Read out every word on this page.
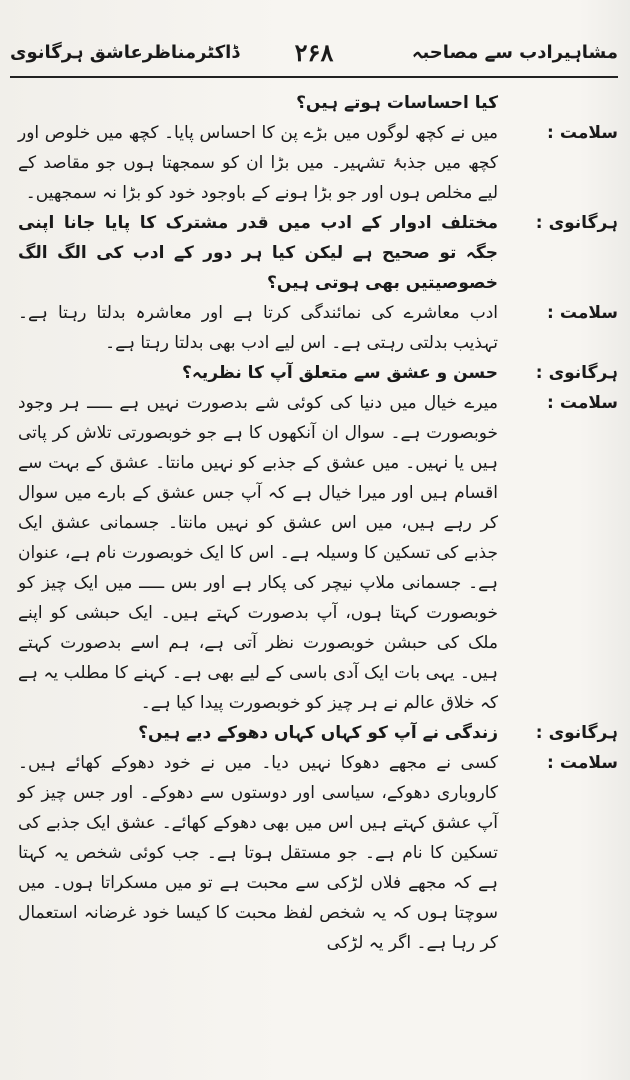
مشاہیرادب سے مصاحبہ
۲۶۸
ڈاکٹرمناظرعاشق ہرگانوی

کیا احساسات ہوتے ہیں؟

سلامت:

میں نے کچھ لوگوں میں بڑے پن کا احساس پایا۔ کچھ میں خلوص اور کچھ میں جذبۂ تشہیر۔ میں بڑا ان کو سمجھتا ہوں جو مقاصد کے لیے مخلص ہوں اور جو بڑا ہونے کے باوجود خود کو بڑا نہ سمجھیں۔

ہرگانوی:

مختلف ادوار کے ادب میں قدر مشترک کا پایا جانا اپنی جگہ تو صحیح ہے لیکن کیا ہر دور کے ادب کی الگ الگ خصوصیتیں بھی ہوتی ہیں؟

سلامت:

ادب معاشرے کی نمائندگی کرتا ہے اور معاشرہ بدلتا رہتا ہے۔ تہذیب بدلتی رہتی ہے۔ اس لیے ادب بھی بدلتا رہتا ہے۔

ہرگانوی:

حسن و عشق سے متعلق آپ کا نظریہ؟

سلامت:

میرے خیال میں دنیا کی کوئی شے بدصورت نہیں ہے ـــــ ہر وجود خوبصورت ہے۔ سوال ان آنکھوں کا ہے جو خوبصورتی تلاش کر پاتی ہیں یا نہیں۔ میں عشق کے جذبے کو نہیں مانتا۔ عشق کے بہت سے اقسام ہیں اور میرا خیال ہے کہ آپ جس عشق کے بارے میں سوال کر رہے ہیں، میں اس عشق کو نہیں مانتا۔ جسمانی عشق ایک جذبے کی تسکین کا وسیلہ ہے۔ اس کا ایک خوبصورت نام ہے، عنوان ہے۔ جسمانی ملاپ نیچر کی پکار ہے اور بس ـــــ میں ایک چیز کو خوبصورت کہتا ہوں، آپ بدصورت کہتے ہیں۔ ایک حبشی کو اپنے ملک کی حبشن خوبصورت نظر آتی ہے، ہم اسے بدصورت کہتے ہیں۔ یہی بات ایک آدی باسی کے لیے بھی ہے۔ کہنے کا مطلب یہ ہے کہ خلاق عالم نے ہر چیز کو خوبصورت پیدا کیا ہے۔

ہرگانوی:

زندگی نے آپ کو کہاں کہاں دھوکے دیے ہیں؟

سلامت:

کسی نے مجھے دھوکا نہیں دیا۔ میں نے خود دھوکے کھائے ہیں۔ کاروباری دھوکے، سیاسی اور دوستوں سے دھوکے۔ اور جس چیز کو آپ عشق کہتے ہیں اس میں بھی دھوکے کھائے۔ عشق ایک جذبے کی تسکین کا نام ہے۔ جو مستقل ہوتا ہے۔ جب کوئی شخص یہ کہتا ہے کہ مجھے فلاں لڑکی سے محبت ہے تو میں مسکراتا ہوں۔ میں سوچتا ہوں کہ یہ شخص لفظ محبت کا کیسا خود غرضانہ استعمال کر رہا ہے۔ اگر یہ لڑکی
